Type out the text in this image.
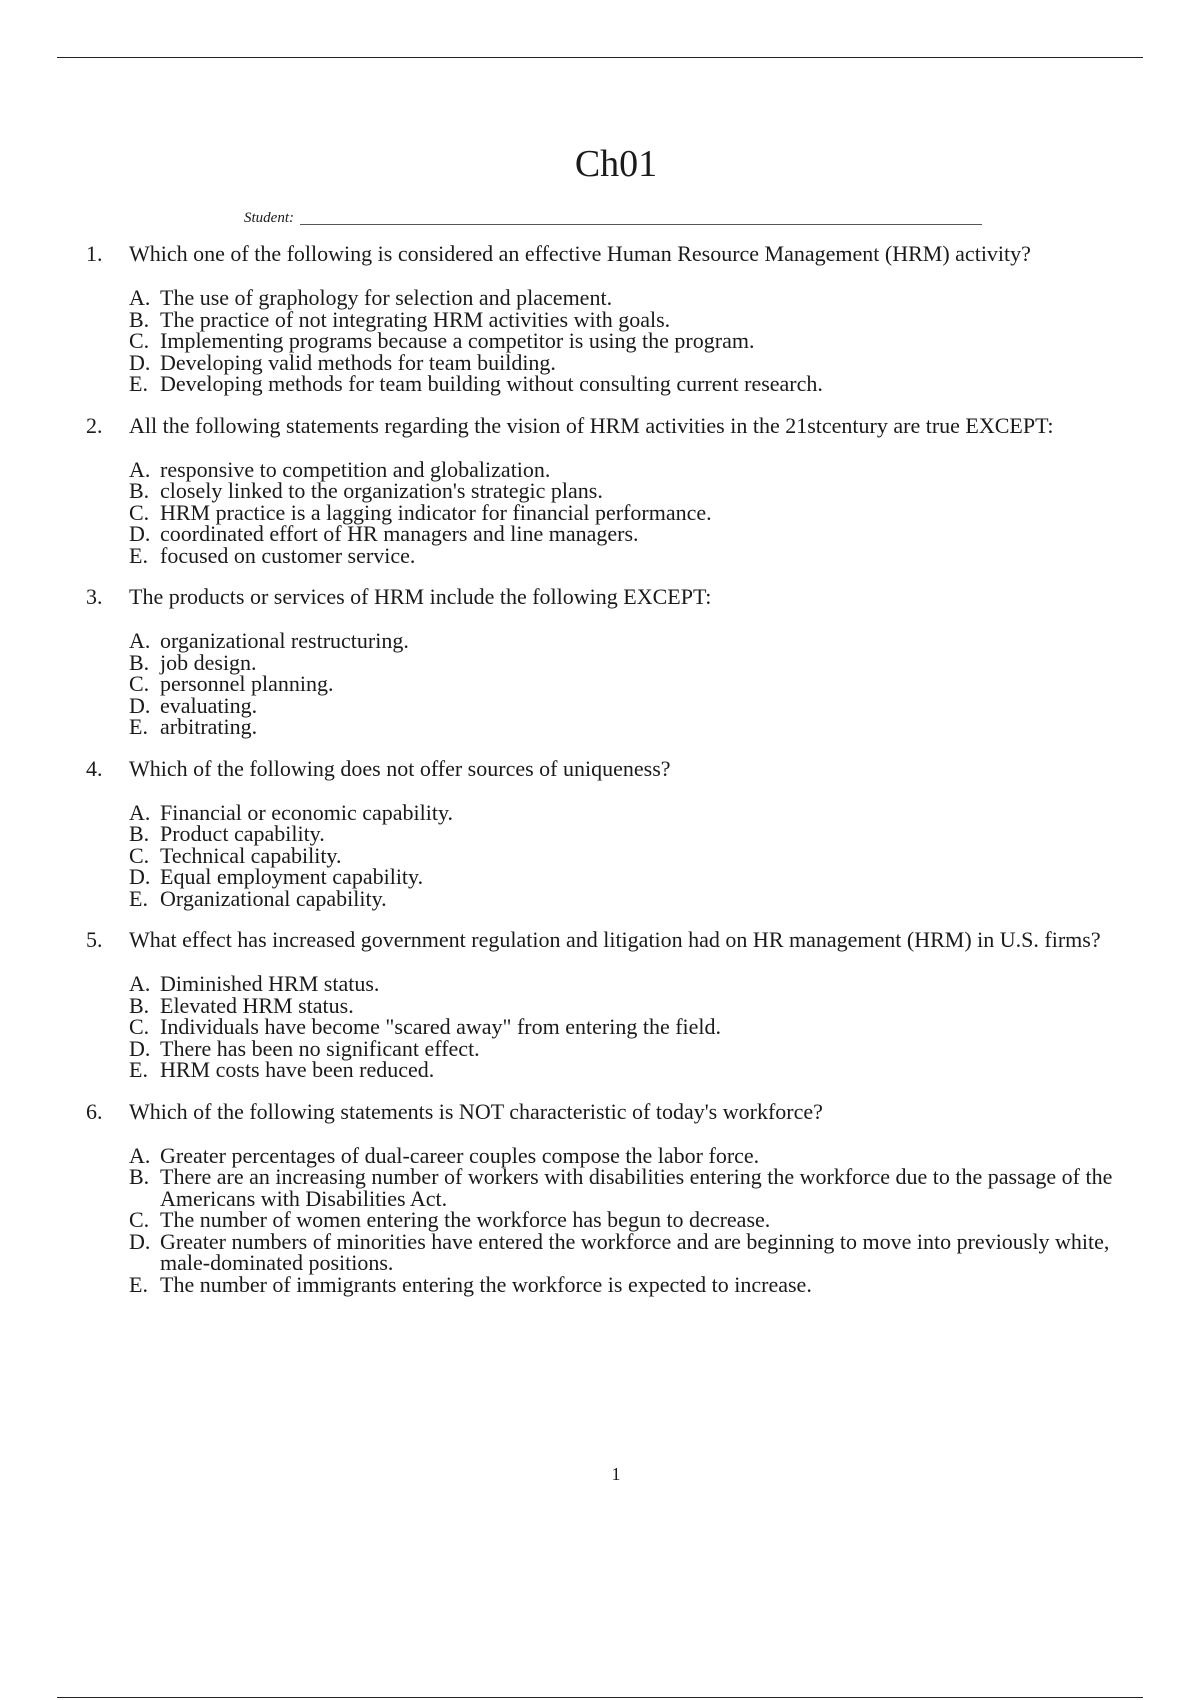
Ch01
Student:
1.	Which one of the following is considered an effective Human Resource Management (HRM) activity?
A. The use of graphology for selection and placement.
B. The practice of not integrating HRM activities with goals.
C. Implementing programs because a competitor is using the program.
D. Developing valid methods for team building.
E. Developing methods for team building without consulting current research.
2.	All the following statements regarding the vision of HRM activities in the 21stcentury are true EXCEPT:
A. responsive to competition and globalization.
B. closely linked to the organization's strategic plans.
C. HRM practice is a lagging indicator for financial performance.
D. coordinated effort of HR managers and line managers.
E. focused on customer service.
3.	The products or services of HRM include the following EXCEPT:
A. organizational restructuring.
B. job design.
C. personnel planning.
D. evaluating.
E. arbitrating.
4.	Which of the following does not offer sources of uniqueness?
A. Financial or economic capability.
B. Product capability.
C. Technical capability.
D. Equal employment capability.
E. Organizational capability.
5.	What effect has increased government regulation and litigation had on HR management (HRM) in U.S. firms?
A. Diminished HRM status.
B. Elevated HRM status.
C. Individuals have become "scared away" from entering the field.
D. There has been no significant effect.
E. HRM costs have been reduced.
6.	Which of the following statements is NOT characteristic of today's workforce?
A. Greater percentages of dual-career couples compose the labor force.
B. There are an increasing number of workers with disabilities entering the workforce due to the passage of the Americans with Disabilities Act.
C. The number of women entering the workforce has begun to decrease.
D. Greater numbers of minorities have entered the workforce and are beginning to move into previously white, male-dominated positions.
E. The number of immigrants entering the workforce is expected to increase.
1
